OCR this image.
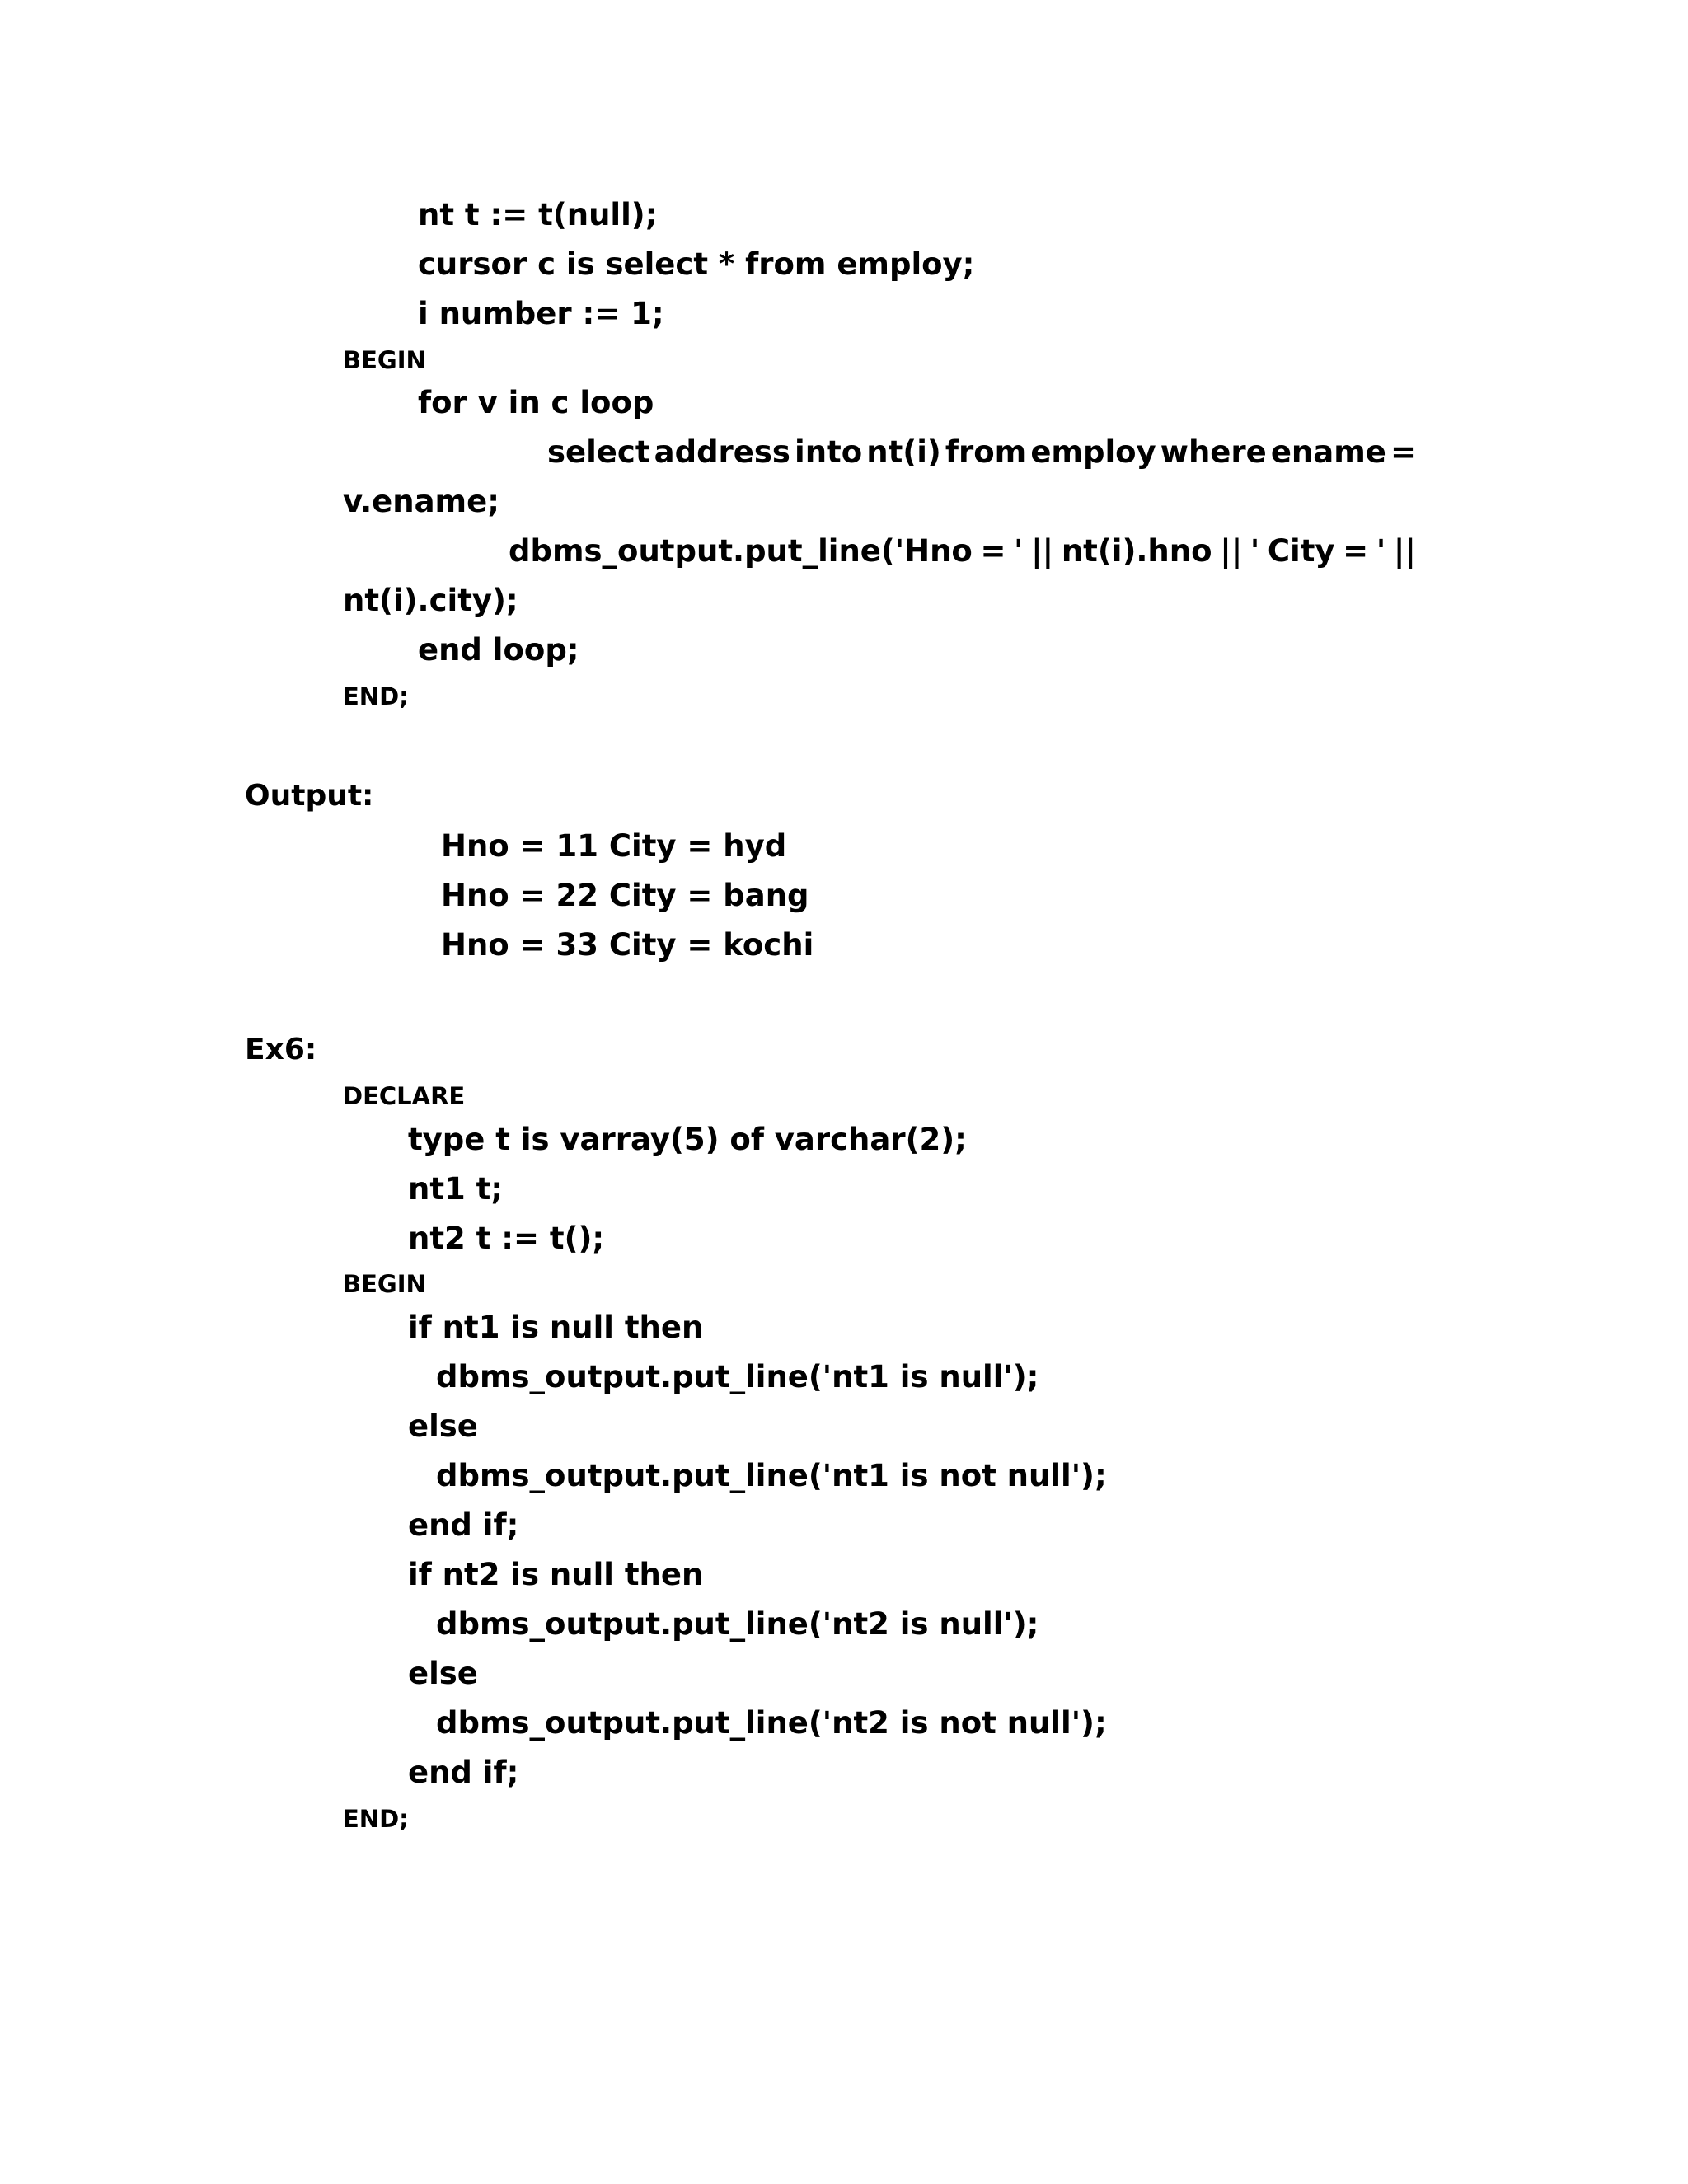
nt t := t(null);
cursor c is select * from employ;
i number := 1;
BEGIN
for v in c loop
select address into nt(i) from employ where ename =
v.ename;
dbms_output.put_line('Hno = ' || nt(i).hno || ' City = ' ||
nt(i).city);
end loop;
END;
Output:
Hno = 11 City = hyd
Hno = 22 City = bang
Hno = 33 City = kochi
Ex6:
DECLARE
type t is varray(5) of varchar(2);
nt1 t;
nt2 t := t();
BEGIN
if nt1 is null then
dbms_output.put_line('nt1 is null');
else
dbms_output.put_line('nt1 is not null');
end if;
if nt2 is null then
dbms_output.put_line('nt2 is null');
else
dbms_output.put_line('nt2 is not null');
end if;
END;
